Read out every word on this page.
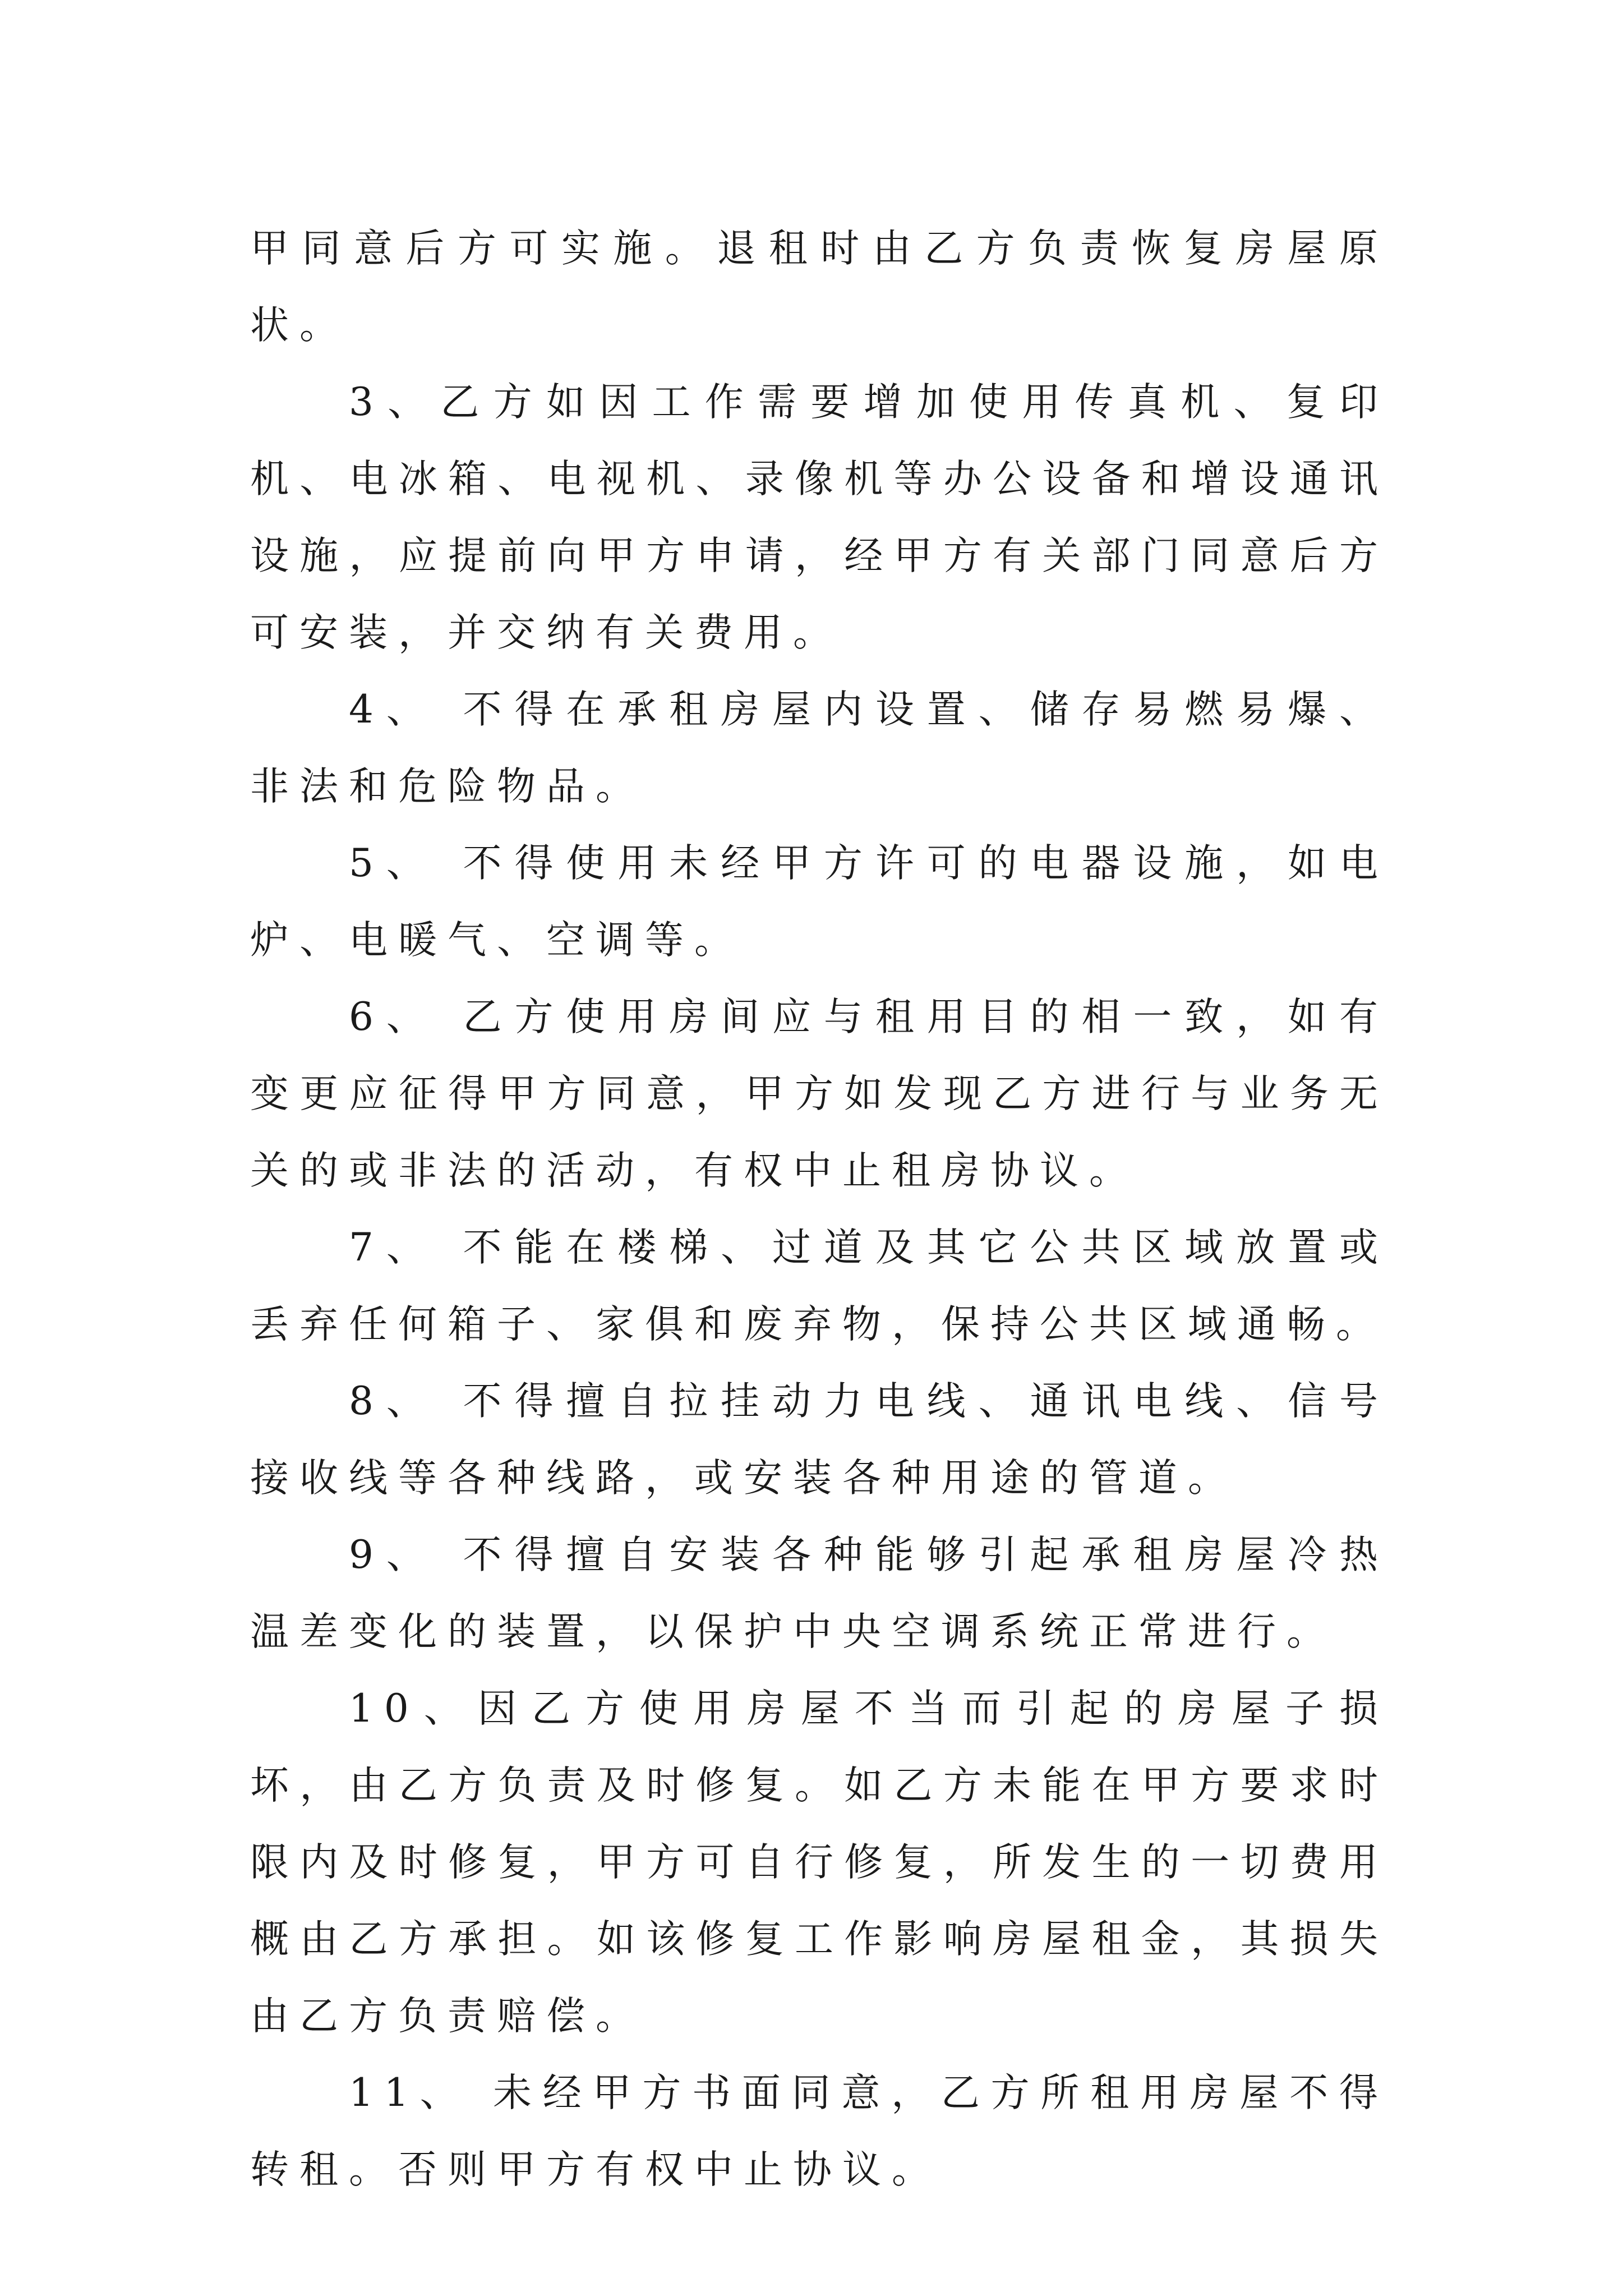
甲同意后方可实施。退租时由乙方负责恢复房屋原状。

3、乙方如因工作需要增加使用传真机、复印机、电冰箱、电视机、录像机等办公设备和增设通讯设施，应提前向甲方申请，经甲方有关部门同意后方可安装，并交纳有关费用。

4、 不得在承租房屋内设置、储存易燃易爆、非法和危险物品。

5、 不得使用未经甲方许可的电器设施，如电炉、电暖气、空调等。

6、 乙方使用房间应与租用目的相一致，如有变更应征得甲方同意，甲方如发现乙方进行与业务无关的或非法的活动，有权中止租房协议。

7、 不能在楼梯、过道及其它公共区域放置或丢弃任何箱子、家俱和废弃物，保持公共区域通畅。

8、 不得擅自拉挂动力电线、通讯电线、信号接收线等各种线路，或安装各种用途的管道。

9、 不得擅自安装各种能够引起承租房屋冷热温差变化的装置，以保护中央空调系统正常进行。

10、因乙方使用房屋不当而引起的房屋子损坏，由乙方负责及时修复。如乙方未能在甲方要求时限内及时修复，甲方可自行修复，所发生的一切费用概由乙方承担。如该修复工作影响房屋租金，其损失由乙方负责赔偿。

11、 未经甲方书面同意，乙方所租用房屋不得转租。否则甲方有权中止协议。
